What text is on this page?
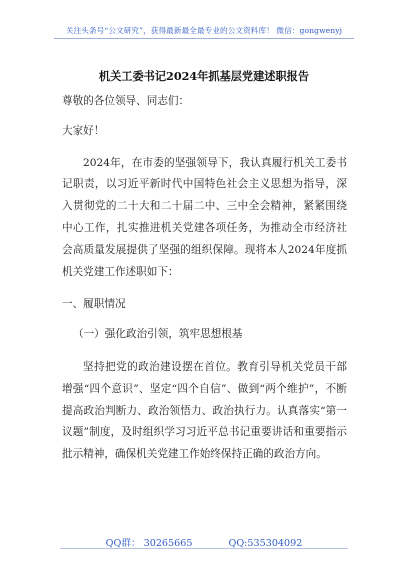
关注头条号“公文研究”，获得最新最全最专业的公文资料库！ 微信：gongwenyj
机关工委书记2024年抓基层党建述职报告

尊敬的各位领导、同志们：

大家好！

2024年，在市委的坚强领导下，我认真履行机关工委书记职责，以习近平新时代中国特色社会主义思想为指导，深入贯彻党的二十大和二十届二中、三中全会精神，紧紧围绕中心工作，扎实推进机关党建各项任务，为推动全市经济社会高质量发展提供了坚强的组织保障。现将本人2024年度抓机关党建工作述职如下：

一、履职情况

（一）强化政治引领，筑牢思想根基

坚持把党的政治建设摆在首位。教育引导机关党员干部增强“四个意识”、坚定“四个自信”、做到“两个维护”，不断提高政治判断力、政治领悟力、政治执行力。认真落实“第一议题”制度，及时组织学习习近平总书记重要讲话和重要指示批示精神，确保机关党建工作始终保持正确的政治方向。

QQ群： 30265665	QQ:535304092
